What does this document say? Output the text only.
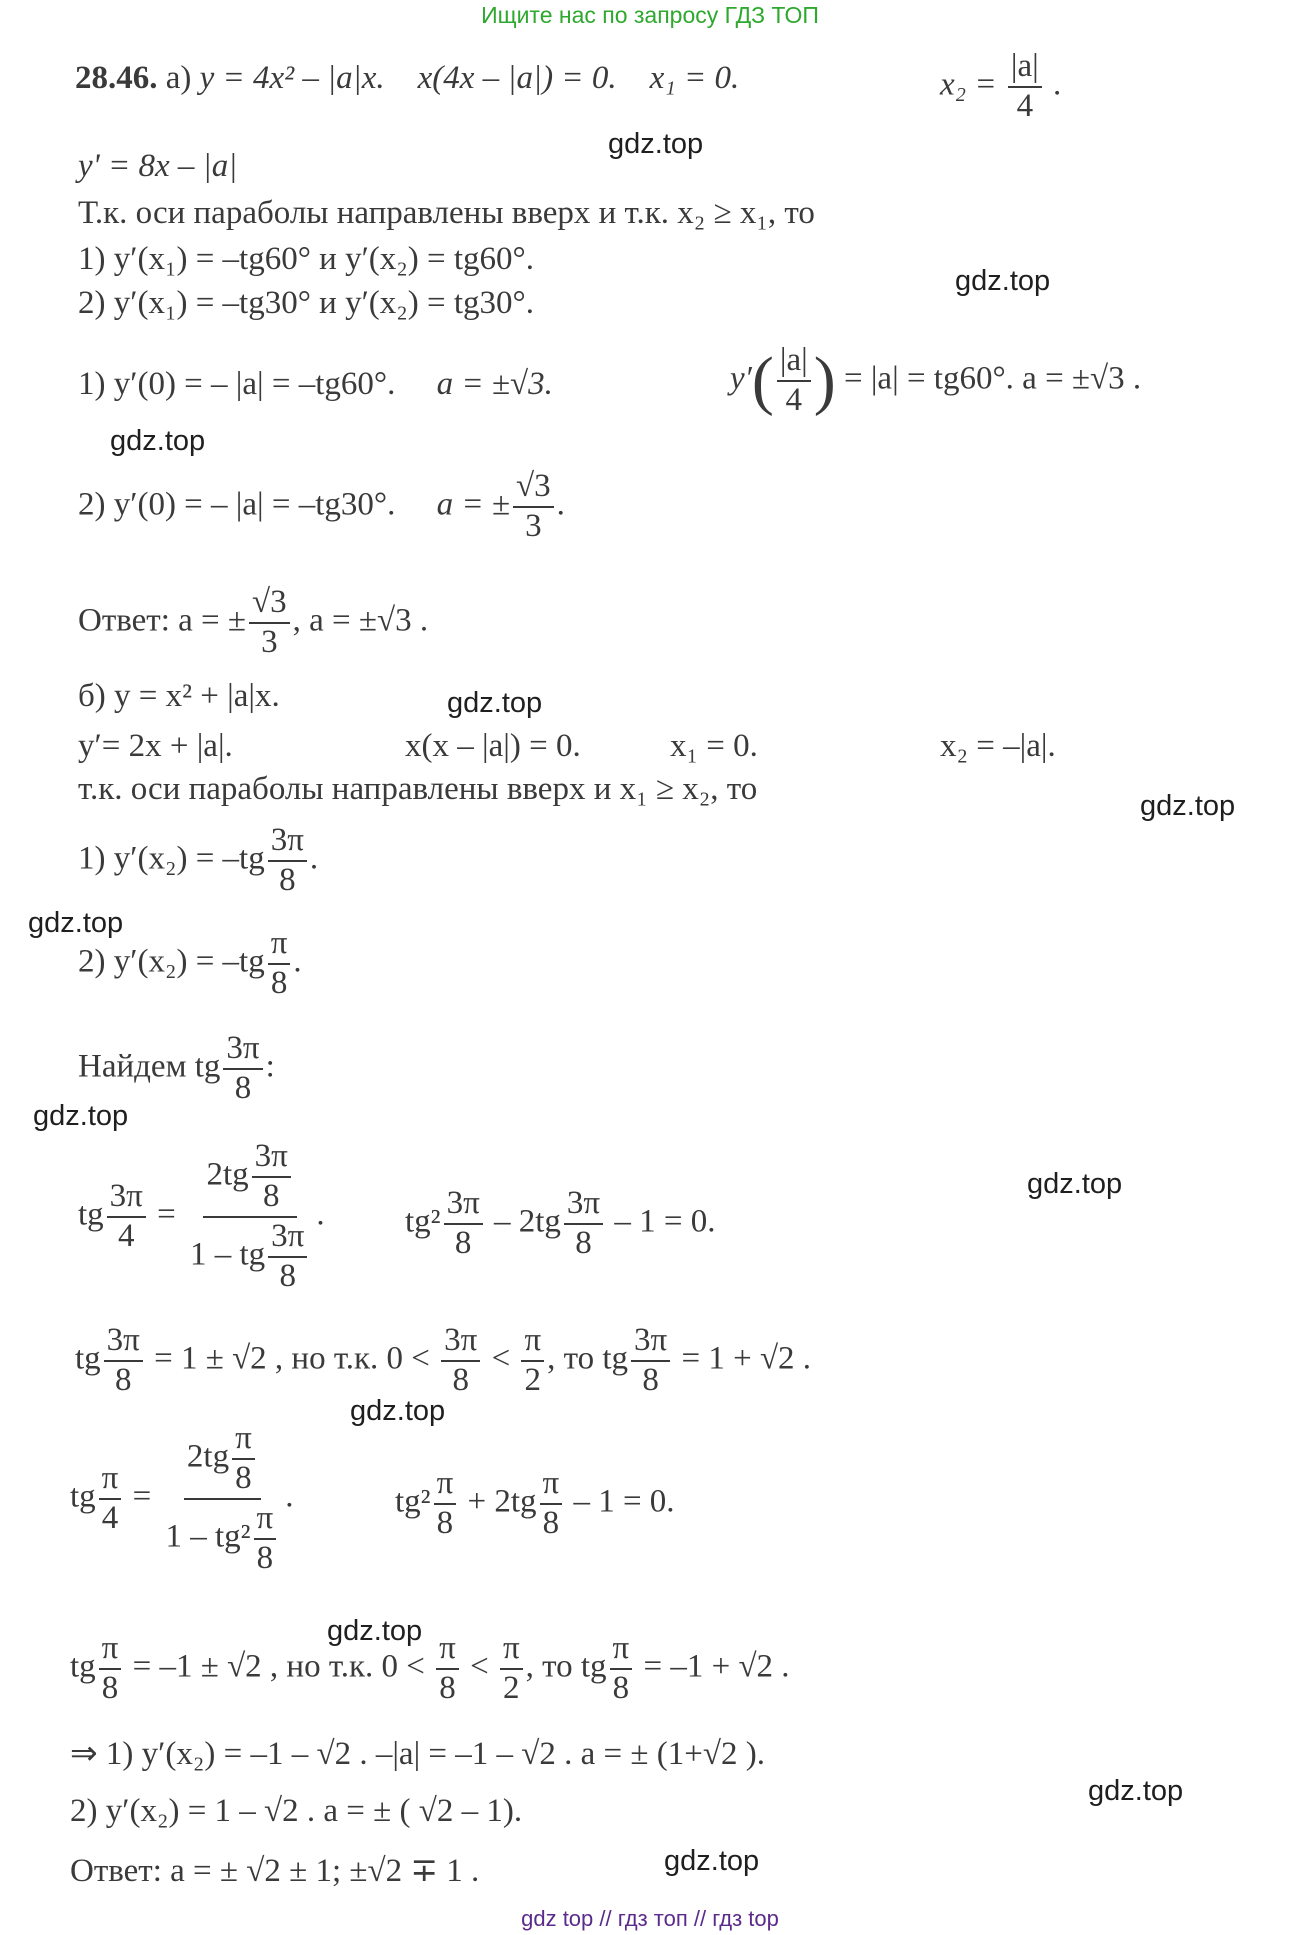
Ищите нас по запросу ГДЗ ТОП
28.46. а) y = 4x² – |a|x. x(4x – |a|) = 0. x₁ = 0.	$x_2 = \frac{|a|}{4}$ .
y' = 8x – |a|
Т.к. оси параболы направлены вверх и т.к. x₂ ≥ x₁, то
1) y′(x₁) = –tg60° и y′(x₂) = tg60°.
2) y′(x₁) = –tg30° и y′(x₂) = tg30°.
1) y′(0) = – |a| = –tg60°. a = ±√3.	$y'( \frac{|a|}{4}$ ) = |a| = tg60°. a = ±√3 .
2) y′(0) = – |a| = –tg30°. a = ± $\frac{√3}{3}$ .
Ответ: a = ± $\frac{√3}{3}$ , a = ±√3 .
б) y = x² + |a|x.
y′= 2x + |a|.	x(x – |a|) = 0.	x₁ = 0.	x₂ = –|a|.
т.к. оси параболы направлены вверх и x₁ ≥ x₂, то
1) $y'(x_2) = -tg \frac{3\pi}{8}$ .
2) $y'(x_2) = -tg \frac{\pi}{8}$ .
Найдем tg $\frac{3\pi}{8}$ :
tg $\frac{3\pi}{4} = \frac{2tg \frac{3\pi}{8}}{1 - tg \frac{3\pi}{8}}$ . $tg^2 \frac{3\pi}{8} - 2tg \frac{3\pi}{8} - 1 = 0$.
tg $\frac{3\pi}{8} = 1 \pm √2$ , но т.к. $0 < \frac{3\pi}{8} < \frac{\pi}{2}$ , то tg $\frac{3\pi}{8} = 1 + √2$ .
tg $\frac{\pi}{4}$ =
$2tg \frac{\pi}{8}$
$1 - tg^2 \frac{\pi}{8}$
.	$tg^2 \frac{\pi}{8} + 2tg \frac{\pi}{8} - 1 = 0$.
tg $\frac{\pi}{8} = -1 \pm √2$ , но т.к. $0 < \frac{\pi}{8} < \frac{\pi}{2}$ , то tg $\frac{\pi}{8} = -1 + √2$ .
⇒ 1) y′(x₂) = –1 – √2 . –|a| = –1 – √2 . a = ± (1+√2 ).
2) y′(x₂) = 1 – √2 . a = ± ( √2 – 1).
Ответ: a = ± √2 ± 1; ±√2 ∓ 1 .
gdz.top
gdz.top
gdz.top
gdz.top
gdz.top
gdz.top
gdz.top
gdz.top
gdz.top
gdz.top
gdz.top
gdz.top
gdz top // гдз топ // гдз top
